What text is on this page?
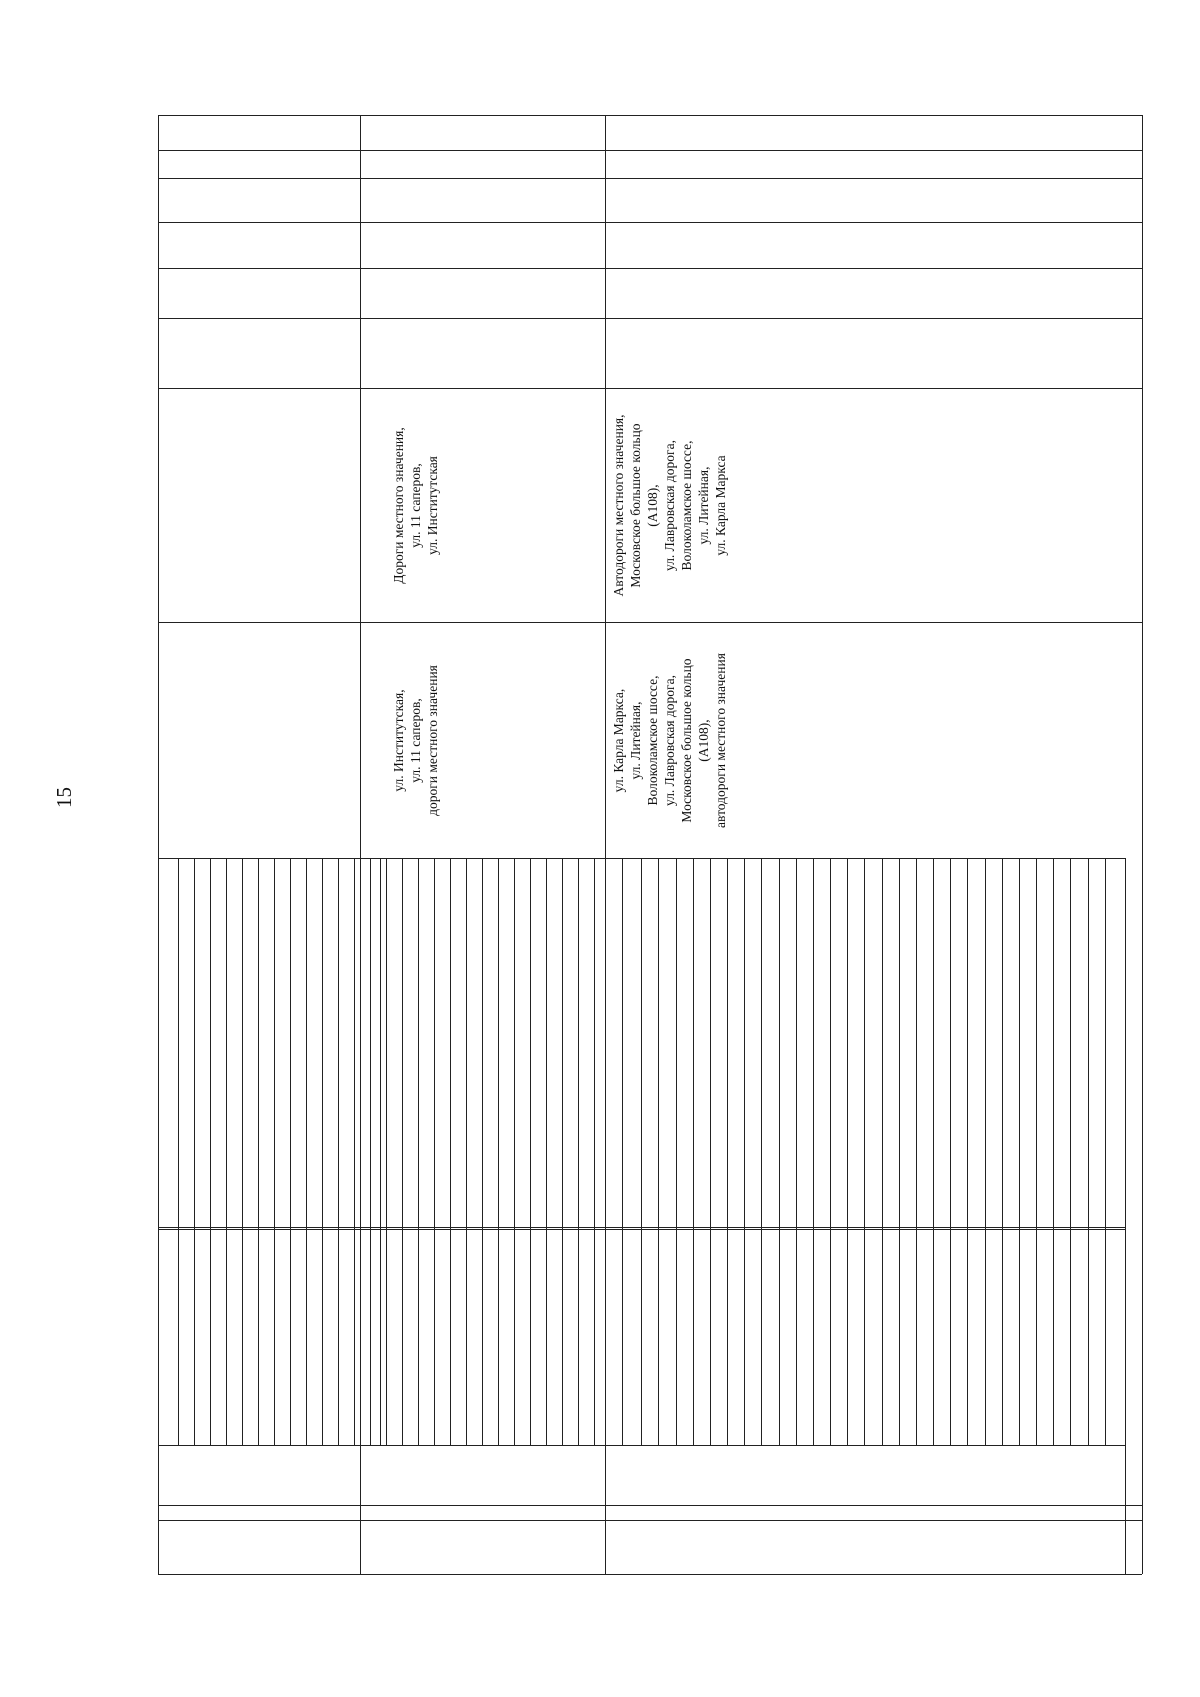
15
ул. Институтская, ул. 11 саперов, дороги местного значения
Дороги местного значения, ул. 11 саперов, ул. Институтская
ул. Карла Маркса, ул. Литейная, Волоколамское шоссе, ул. Лавровская дорога, Московское большое кольцо (А108), автодороги местного значения
Автодороги местного значения, Московское большое кольцо (А108), ул. Лавровская дорога, Волоколамское шоссе, ул. Литейная, ул. Карла Маркса
